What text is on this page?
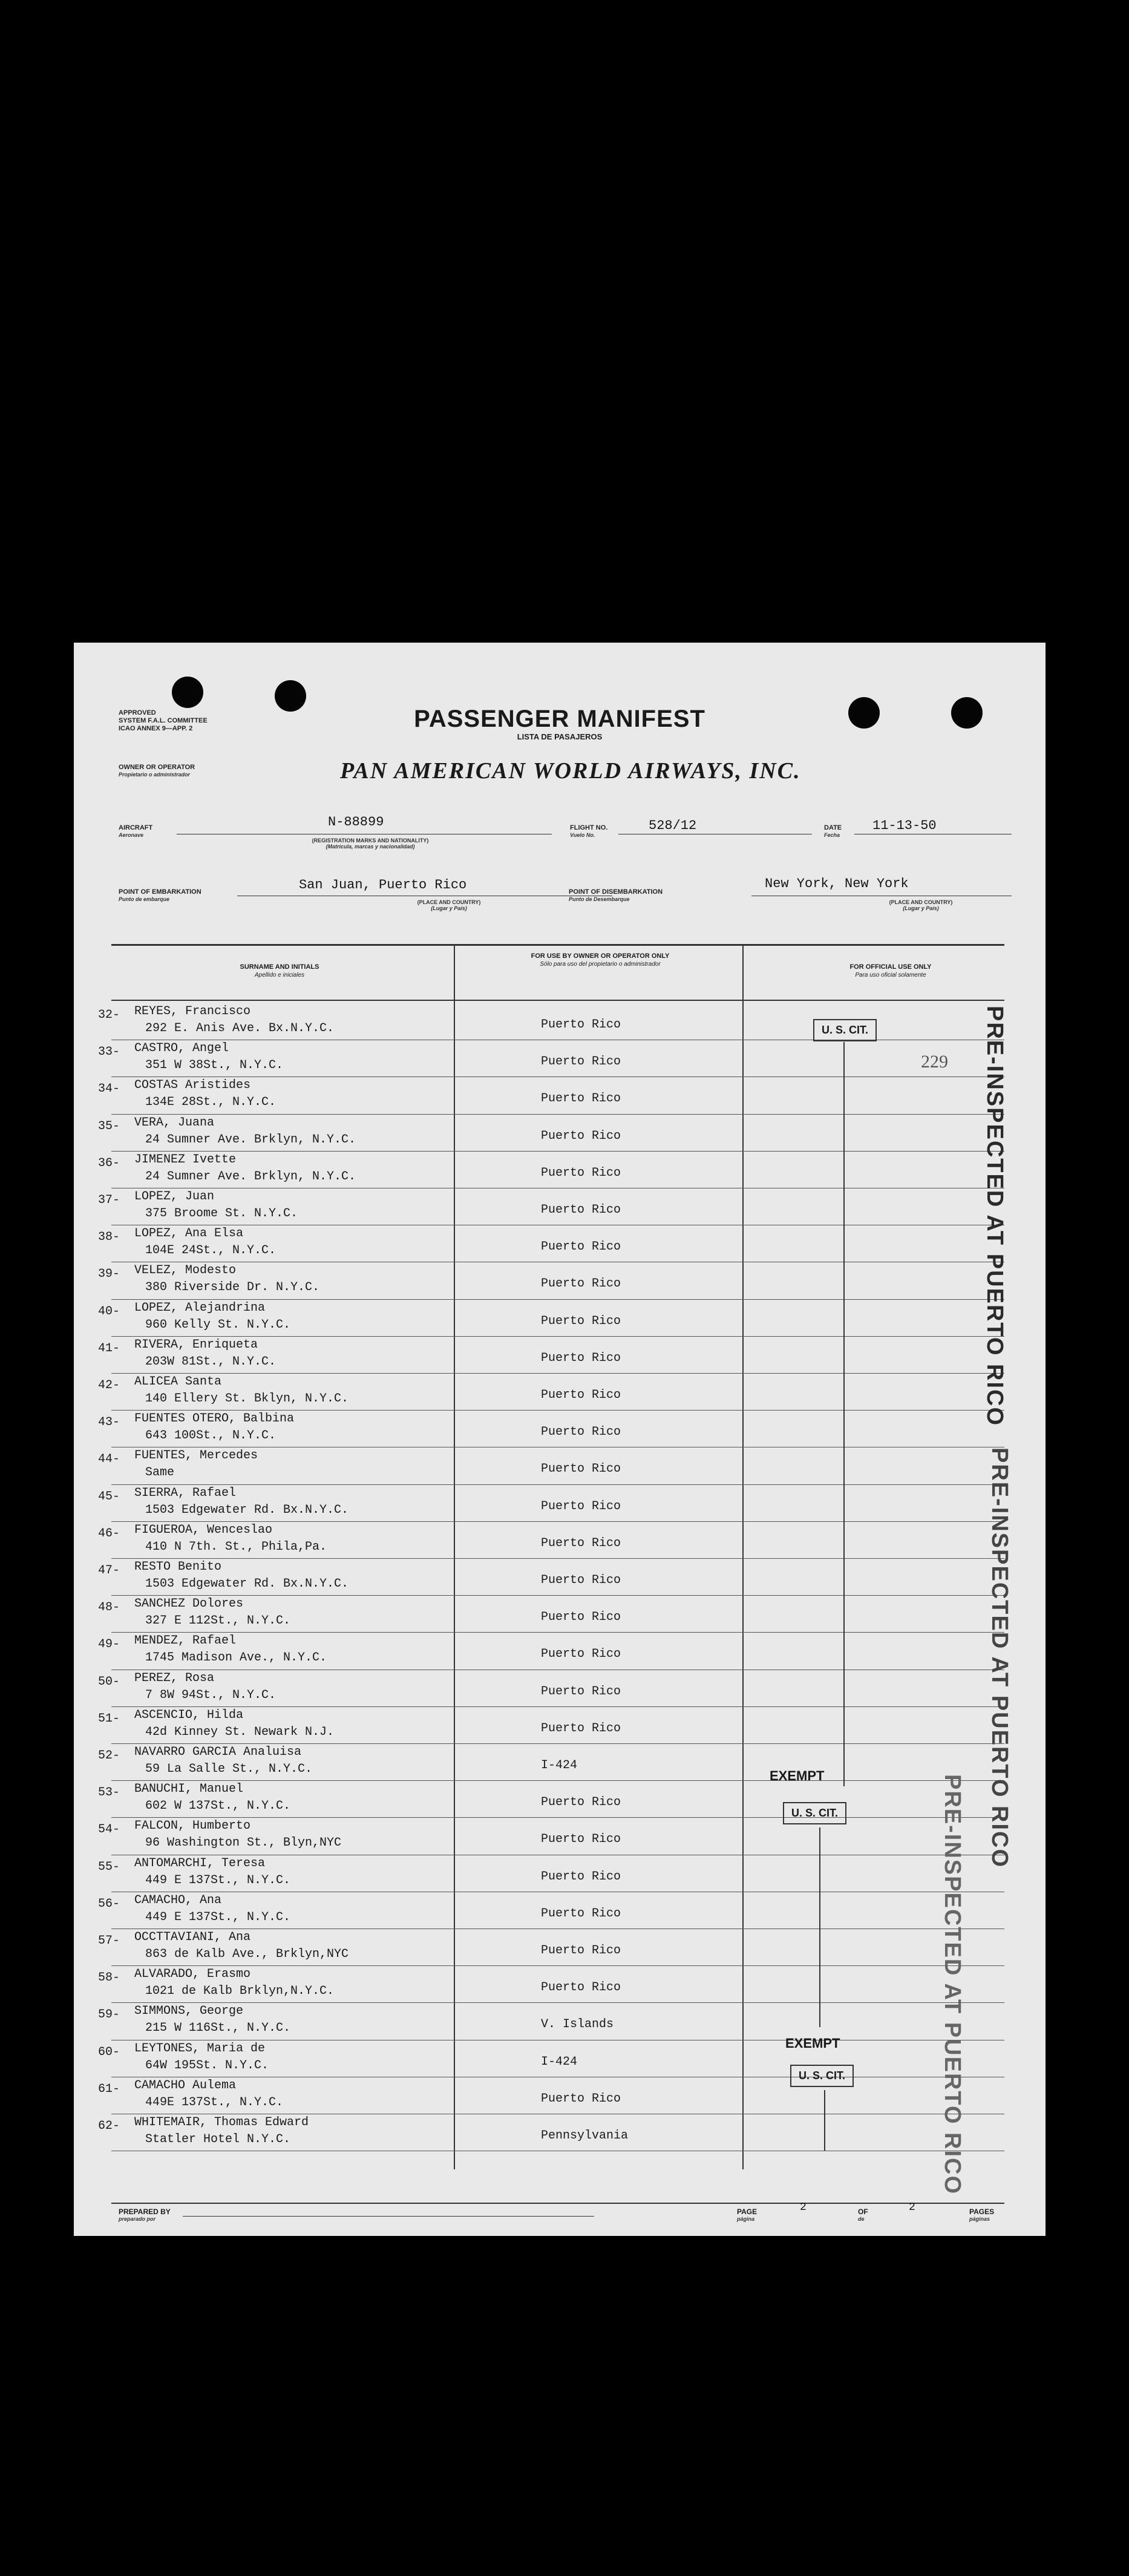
APPROVED
SYSTEM F.A.L. COMMITTEE
ICAO ANNEX 9—APP. 2	PASSENGER MANIFEST
LISTA DE PASAJEROS
OWNER OR OPERATOR
Propietario o administrador	PAN AMERICAN WORLD AIRWAYS, INC.
AIRCRAFT
Aeronave
N-88899
(REGISTRATION MARKS AND NATIONALITY)
(Matrícula, marcas y nacionalidad)
FLIGHT NO.
Vuelo No.
528/12	DATE
Fecha
11-13-50
POINT OF EMBARKATION
Punto de embarque
San Juan, Puerto Rico
(PLACE AND COUNTRY)
(Lugar y País)
POINT OF DISEMBARKATION
Punto de Desembarque
New York, New York
(PLACE AND COUNTRY)
(Lugar y País)
SURNAME AND INITIALS
Apellido e iniciales
FOR USE BY OWNER OR OPERATOR ONLY
Sólo para uso del propietario o administrador	FOR OFFICIAL USE ONLY
Para uso oficial solamente
32-	REYES, Francisco
292 E. Anis Ave. Bx.N.Y.C.	Puerto Rico
33-	CASTRO, Angel
351 W 38St., N.Y.C.	Puerto Rico
34-	COSTAS Aristides
134E 28St., N.Y.C.	Puerto Rico
35-	VERA, Juana
24 Sumner Ave. Brklyn, N.Y.C.	Puerto Rico
36-	JIMENEZ Ivette
24 Sumner Ave. Brklyn, N.Y.C.	Puerto Rico
37-	LOPEZ, Juan
375 Broome St. N.Y.C.	Puerto Rico
38-	LOPEZ, Ana Elsa
104E 24St., N.Y.C.	Puerto Rico
39-	VELEZ, Modesto
380 Riverside Dr. N.Y.C.	Puerto Rico
40-	LOPEZ, Alejandrina
960 Kelly St. N.Y.C.	Puerto Rico
41-	RIVERA, Enriqueta
203W 81St., N.Y.C.	Puerto Rico
42-	ALICEA Santa
140 Ellery St. Bklyn, N.Y.C.	Puerto Rico
43-	FUENTES OTERO, Balbina
643 100St., N.Y.C.	Puerto Rico
44-	FUENTES, Mercedes
Same	Puerto Rico
45-	SIERRA, Rafael
1503 Edgewater Rd. Bx.N.Y.C.	Puerto Rico
46-	FIGUEROA, Wenceslao
410 N 7th. St., Phila,Pa.	Puerto Rico
47-	RESTO Benito
1503 Edgewater Rd. Bx.N.Y.C.	Puerto Rico
48-	SANCHEZ Dolores
327 E 112St., N.Y.C.	Puerto Rico
49-	MENDEZ, Rafael
1745 Madison Ave., N.Y.C.	Puerto Rico
50-	PEREZ, Rosa
7 8W 94St., N.Y.C.	Puerto Rico
51-	ASCENCIO, Hilda
42d Kinney St. Newark N.J.	Puerto Rico
52-	NAVARRO GARCIA Analuisa
59 La Salle St., N.Y.C.	I-424
53-	BANUCHI, Manuel
602 W 137St., N.Y.C.	Puerto Rico
54-	FALCON, Humberto
96 Washington St., Blyn,NYC	Puerto Rico
55-	ANTOMARCHI, Teresa
449 E 137St., N.Y.C.	Puerto Rico
56-	CAMACHO, Ana
449 E 137St., N.Y.C.	Puerto Rico
57-	OCCTTAVIANI, Ana
863 de Kalb Ave., Brklyn,NYC	Puerto Rico
58-	ALVARADO, Erasmo
1021 de Kalb Brklyn,N.Y.C.	Puerto Rico
59-	SIMMONS, George
215 W 116St., N.Y.C.	V. Islands
60-	LEYTONES, Maria de
64W 195St. N.Y.C.	I-424
61-	CAMACHO Aulema
449E 137St., N.Y.C.	Puerto Rico
62-	WHITEMAIR, Thomas Edward
Statler Hotel N.Y.C.	Pennsylvania
U. S. CIT.
229
EXEMPT
U. S. CIT.
EXEMPT
U. S. CIT.
PRE-INSPECTED AT PUERTO RICO
PRE-INSPECTED AT PUERTO RICO
PRE-INSPECTED AT PUERTO RICO
PREPARED BY
preparado por
PAGE
página
2	OF
de
2	PAGES
páginas
